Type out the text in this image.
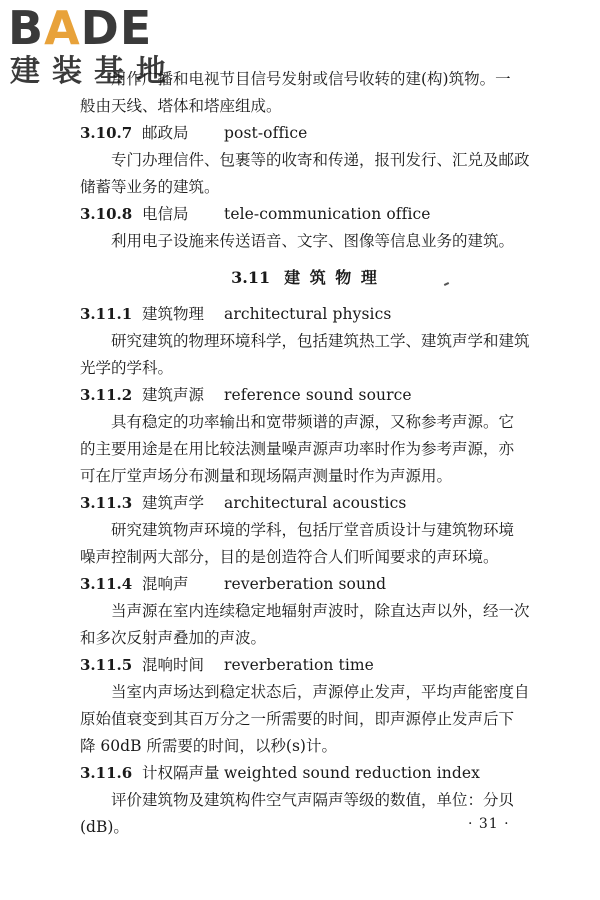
BADE
建装基地
用作广播和电视节目信号发射或信号收转的建(构)筑物。一
般由天线、塔体和塔座组成。
3.10.7 邮政局	post-office
专门办理信件、包裹等的收寄和传递，报刊发行、汇兑及邮政
储蓄等业务的建筑。
3.10.8 电信局	tele-communication office
利用电子设施来传送语音、文字、图像等信息业务的建筑。
3.11 建 筑 物 理
3.11.1 建筑物理	architectural physics
研究建筑的物理环境科学，包括建筑热工学、建筑声学和建筑
光学的学科。
3.11.2 建筑声源	reference sound source
具有稳定的功率输出和宽带频谱的声源，又称参考声源。它
的主要用途是在用比较法测量噪声源声功率时作为参考声源，亦
可在厅堂声场分布测量和现场隔声测量时作为声源用。
3.11.3 建筑声学	architectural acoustics
研究建筑物声环境的学科，包括厅堂音质设计与建筑物环境
噪声控制两大部分，目的是创造符合人们听闻要求的声环境。
3.11.4 混响声	reverberation sound
当声源在室内连续稳定地辐射声波时，除直达声以外，经一次
和多次反射声叠加的声波。
3.11.5 混响时间	reverberation time
当室内声场达到稳定状态后，声源停止发声，平均声能密度自
原始值衰变到其百万分之一所需要的时间，即声源停止发声后下
降 60dB 所需要的时间，以秒(s)计。
3.11.6 计权隔声量 weighted sound reduction index
评价建筑物及建筑构件空气声隔声等级的数值，单位：分贝
(dB)。	· 31 ·
